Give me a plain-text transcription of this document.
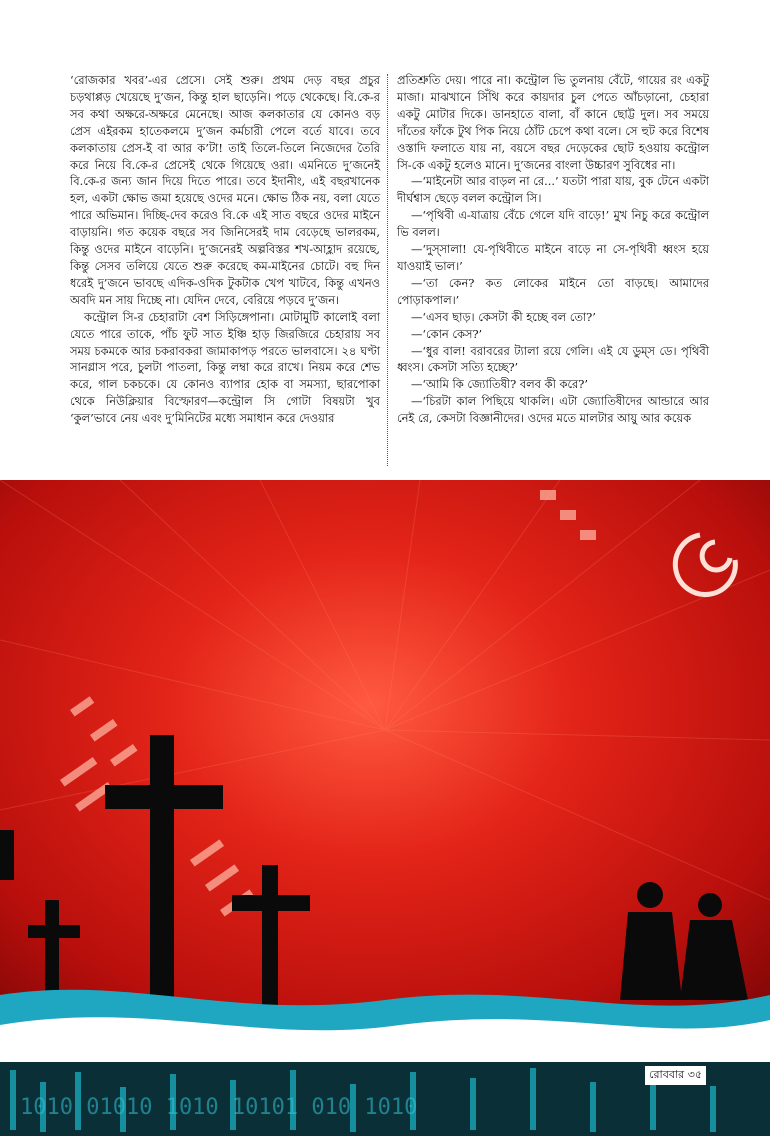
‘রোজকার খবর’-এর প্রেসে। সেই শুরু। প্রথম দেড় বছর প্রচুর চড়থাপ্পড় খেয়েছে দু’জন, কিন্তু হাল ছাড়েনি। পড়ে থেকেছে। বি.কে-র সব কথা অক্ষরে-অক্ষরে মেনেছে। আজ কলকাতার যে কোনও বড় প্রেস এইরকম হাতেকলমে দু’জন কর্মচারী পেলে বর্তে যাবে। তবে কলকাতায় প্রেস-ই বা আর ক’টা! তাই তিলে-তিলে নিজেদের তৈরি করে নিয়ে বি.কে-র প্রেসেই থেকে গিয়েছে ওরা। এমনিতে দু’জনেই বি.কে-র জন্য জান দিয়ে দিতে পারে। তবে ইদানীং, এই বছরখানেক হল, একটা ক্ষোভ জমা হয়েছে ওদের মনে। ক্ষোভ ঠিক নয়, বলা যেতে পারে অভিমান। দিচ্ছি-দেব করেও বি.কে এই সাত বছরে ওদের মাইনে বাড়ায়নি। গত কয়েক বছরে সব জিনিসেরই দাম বেড়েছে ভালরকম, কিন্তু ওদের মাইনে বাড়েনি। দু’জনেরই অল্পবিস্তর শখ-আহ্লাদ রয়েছে, কিন্তু সেসব তলিয়ে যেতে শুরু করেছে কম-মাইনের চোটে। বহু দিন ধরেই দু’জনে ভাবছে এদিক-ওদিক টুকটাক খেপ খাটবে, কিন্তু এখনও অবদি মন সায় দিচ্ছে না। যেদিন দেবে, বেরিয়ে পড়বে দু’জন।

কন্ট্রোল সি-র চেহারাটা বেশ সিড়িঙ্গেপানা। মোটামুটি কালোই বলা যেতে পারে তাকে, পাঁচ ফুট সাত ইঞ্চি হাড় জিরজিরে চেহারায় সব সময় চকমকে আর চকরাবকরা জামাকাপড় পরতে ভালবাসে। ২৪ ঘণ্টা সানগ্লাস পরে, চুলটা পাতলা, কিন্তু লম্বা করে রাখে। নিয়ম করে শেভ করে, গাল চকচকে। যে কোনও ব্যাপার হোক বা সমস্যা, ছারপোকা থেকে নিউক্লিয়ার বিস্ফোরণ—কন্ট্রোল সি গোটা বিষয়টা খুব ‘কুল’ভাবে নেয় এবং দু’মিনিটের মধ্যে সমাধান করে দেওয়ার

প্রতিশ্রুতি দেয়। পারে না। কন্ট্রোল ভি তুলনায় বেঁটে, গায়ের রং একটু মাজা। মাঝখানে সিঁথি করে কায়দার চুল পেতে আঁচড়ানো, চেহারা একটু মোটার দিকে। ডানহাতে বালা, বাঁ কানে ছোট্ট দুল। সব সময়ে দাঁতের ফাঁকে টুথ পিক নিয়ে ঠোঁট চেপে কথা বলে। সে হুট করে বিশেষ ওস্তাদি ফলাতে যায় না, বয়সে বছর দেড়েকের ছোট হওয়ায় কন্ট্রোল সি-কে একটু হলেও মানে। দু’জনের বাংলা উচ্চারণ সুবিধের না।

—‘মাইনেটা আর বাড়ল না রে...’ যতটা পারা যায়, বুক টেনে একটা দীর্ঘশ্বাস ছেড়ে বলল কন্ট্রোল সি।

—‘পৃথিবী এ-যাত্রায় বেঁচে গেলে যদি বাড়ে!’ মুখ নিচু করে কন্ট্রোল ভি বলল।

—‘দুস্‌সালা! যে-পৃথিবীতে মাইনে বাড়ে না সে-পৃথিবী ধ্বংস হয়ে যাওয়াই ভাল।’

—‘তা কেন? কত লোকের মাইনে তো বাড়ছে। আমাদের পোড়াকপাল।’

—‘এসব ছাড়। কেসটা কী হচ্ছে বল তো?’

—‘কোন কেস?’

—‘ধুর বাল! বরাবরের ট্যালা রয়ে গেলি। এই যে ডুম্‌স ডে। পৃথিবী ধ্বংস। কেসটা সত্যি হচ্ছে?’

—‘আমি কি জ্যোতিষী? বলব কী করে?’

—‘চিরটা কাল পিছিয়ে থাকলি। এটা জ্যোতিষীদের আন্ডারে আর নেই রে, কেসটা বিজ্ঞানীদের। ওদের মতে মালটার আয়ু আর কয়েক

1010 01010 1010 10101 010 1010
রোববার ৩৫
